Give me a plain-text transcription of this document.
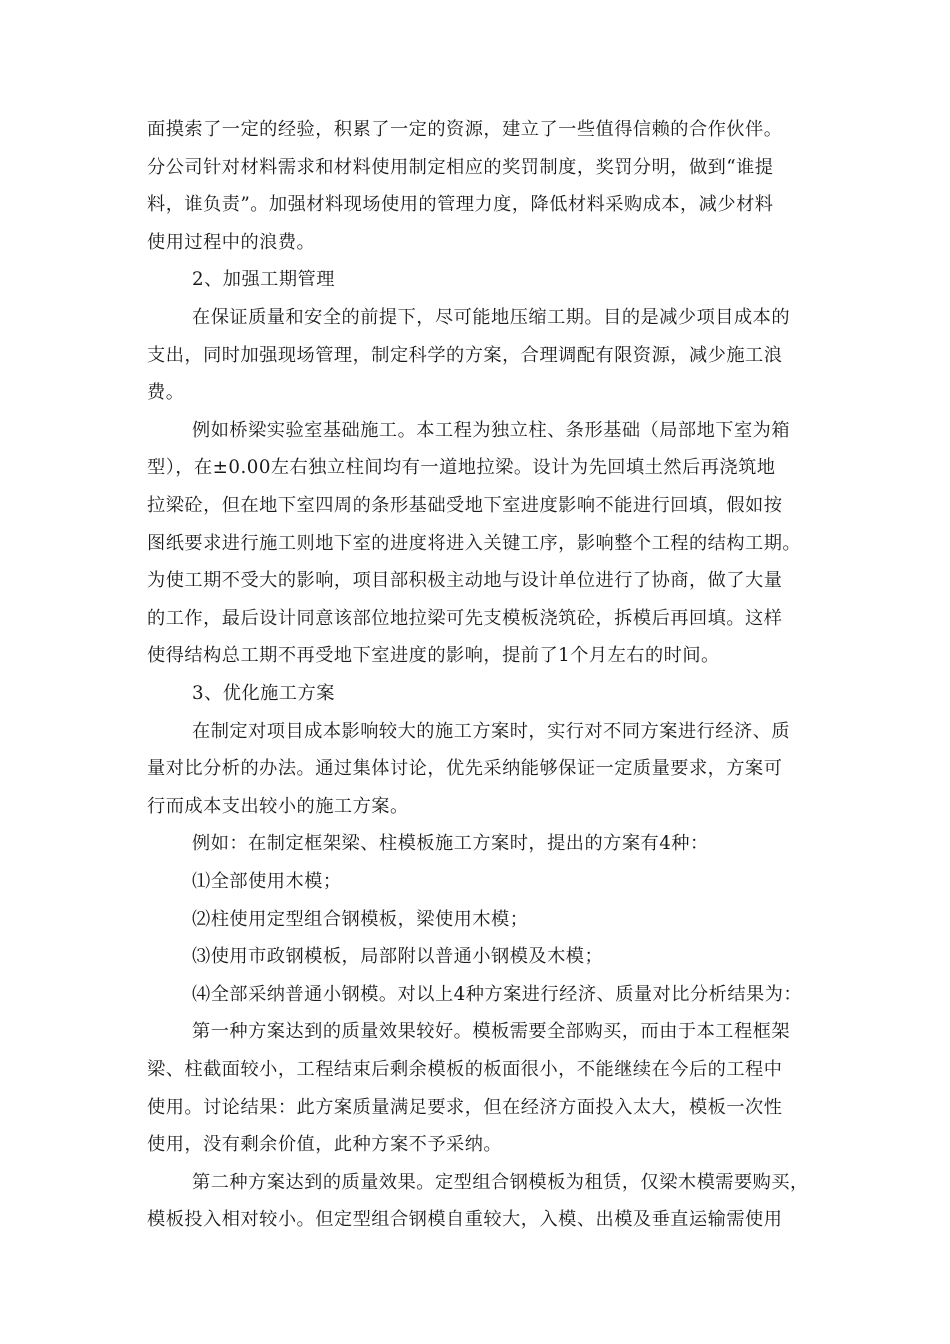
面摸索了一定的经验，积累了一定的资源，建立了一些值得信赖的合作伙伴。
分公司针对材料需求和材料使用制定相应的奖罚制度，奖罚分明，做到“谁提
料，谁负责”。加强材料现场使用的管理力度，降低材料采购成本，减少材料
使用过程中的浪费。
2、加强工期管理
在保证质量和安全的前提下，尽可能地压缩工期。目的是减少项目成本的
支出，同时加强现场管理，制定科学的方案，合理调配有限资源，减少施工浪
费。
例如桥梁实验室基础施工。本工程为独立柱、条形基础（局部地下室为箱
型），在±0.00左右独立柱间均有一道地拉梁。设计为先回填土然后再浇筑地
拉梁砼，但在地下室四周的条形基础受地下室进度影响不能进行回填，假如按
图纸要求进行施工则地下室的进度将进入关键工序，影响整个工程的结构工期。
为使工期不受大的影响，项目部积极主动地与设计单位进行了协商，做了大量
的工作，最后设计同意该部位地拉梁可先支模板浇筑砼，拆模后再回填。这样
使得结构总工期不再受地下室进度的影响，提前了1个月左右的时间。
3、优化施工方案
在制定对项目成本影响较大的施工方案时，实行对不同方案进行经济、质
量对比分析的办法。通过集体讨论，优先采纳能够保证一定质量要求，方案可
行而成本支出较小的施工方案。
例如：在制定框架梁、柱模板施工方案时，提出的方案有4种：
⑴全部使用木模；
⑵柱使用定型组合钢模板，梁使用木模；
⑶使用市政钢模板，局部附以普通小钢模及木模；
⑷全部采纳普通小钢模。对以上4种方案进行经济、质量对比分析结果为：
第一种方案达到的质量效果较好。模板需要全部购买，而由于本工程框架
梁、柱截面较小，工程结束后剩余模板的板面很小，不能继续在今后的工程中
使用。讨论结果：此方案质量满足要求，但在经济方面投入太大，模板一次性
使用，没有剩余价值，此种方案不予采纳。
第二种方案达到的质量效果。定型组合钢模板为租赁，仅梁木模需要购买，
模板投入相对较小。但定型组合钢模自重较大，入模、出模及垂直运输需使用
